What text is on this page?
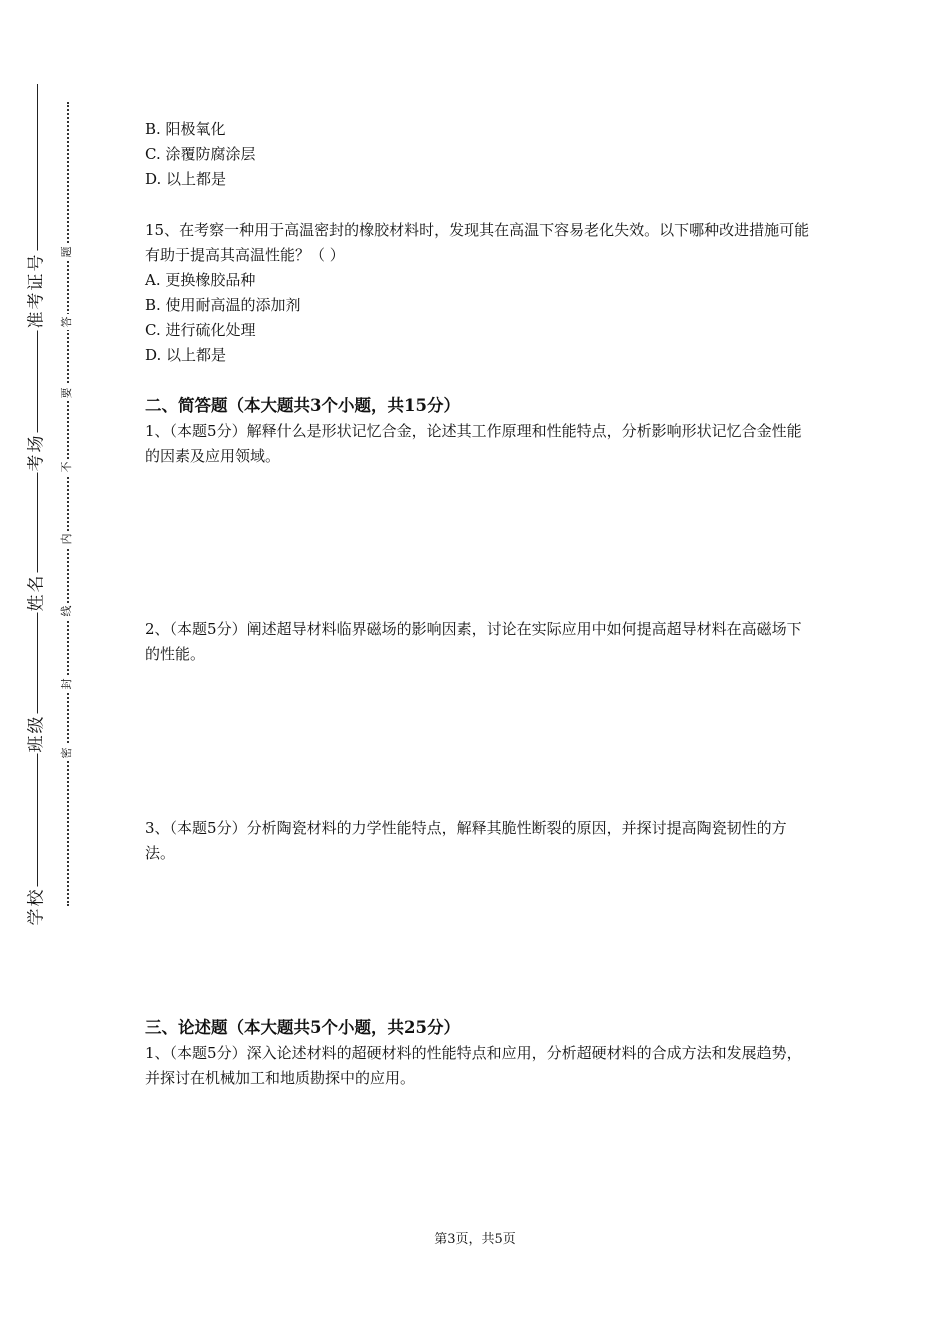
准考证号
考场
姓名
班级
学校
题
答
要
不
内
线
封
密
B. 阳极氧化
C. 涂覆防腐涂层
D. 以上都是
15、在考察一种用于高温密封的橡胶材料时，发现其在高温下容易老化失效。以下哪种改进措施可能有助于提高其高温性能？（ ）
A. 更换橡胶品种
B. 使用耐高温的添加剂
C. 进行硫化处理
D. 以上都是
二、简答题（本大题共3个小题，共15分）
1、（本题5分）解释什么是形状记忆合金，论述其工作原理和性能特点，分析影响形状记忆合金性能的因素及应用领域。
2、（本题5分）阐述超导材料临界磁场的影响因素，讨论在实际应用中如何提高超导材料在高磁场下的性能。
3、（本题5分）分析陶瓷材料的力学性能特点，解释其脆性断裂的原因，并探讨提高陶瓷韧性的方法。
三、论述题（本大题共5个小题，共25分）
1、（本题5分）深入论述材料的超硬材料的性能特点和应用，分析超硬材料的合成方法和发展趋势，并探讨在机械加工和地质勘探中的应用。
第3页，共5页
